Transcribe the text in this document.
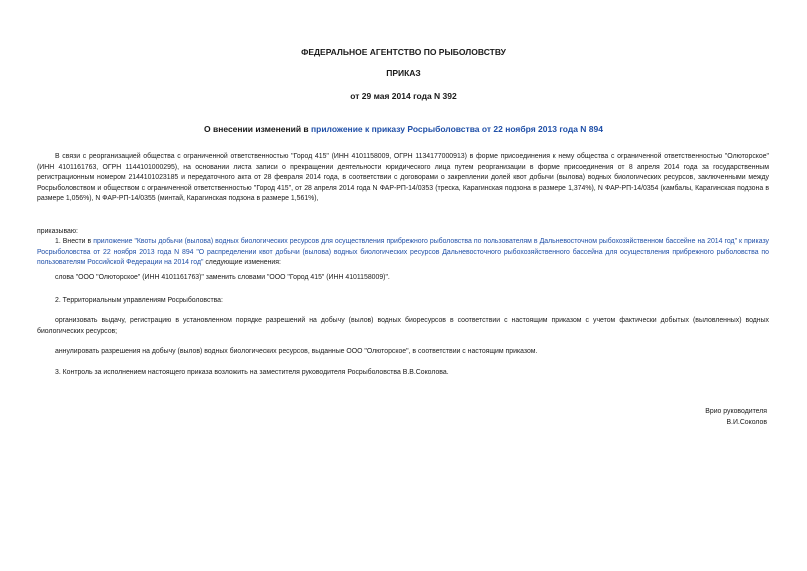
ФЕДЕРАЛЬНОЕ АГЕНТСТВО ПО РЫБОЛОВСТВУ
ПРИКАЗ
от 29 мая 2014 года N 392
О внесении изменений в приложение к приказу Росрыболовства от 22 ноября 2013 года N 894
В связи с реорганизацией общества с ограниченной ответственностью "Город 415" (ИНН 4101158009, ОГРН 1134177000913) в форме присоединения к нему общества с ограниченной ответственностью "Олюторское" (ИНН 4101161763, ОГРН 1144101000295), на основании листа записи о прекращении деятельности юридического лица путем реорганизации в форме присоединения от 8 апреля 2014 года за государственным регистрационным номером 2144101023185 и передаточного акта от 28 февраля 2014 года, в соответствии с договорами о закреплении долей квот добычи (вылова) водных биологических ресурсов, заключенными между Росрыболовством и обществом с ограниченной ответственностью "Город 415", от 28 апреля 2014 года N ФАР-РП-14/0353 (треска, Карагинская подзона в размере 1,374%), N ФАР-РП-14/0354 (камбалы, Карагинская подзона в размере 1,056%), N ФАР-РП-14/0355 (минтай, Карагинская подзона в размере 1,561%),
приказываю:
1. Внести в приложение "Квоты добычи (вылова) водных биологических ресурсов для осуществления прибрежного рыболовства по пользователям в Дальневосточном рыбохозяйственном бассейне на 2014 год" к приказу Росрыболовства от 22 ноября 2013 года N 894 "О распределении квот добычи (вылова) водных биологических ресурсов Дальневосточного рыбохозяйственного бассейна для осуществления прибрежного рыболовства по пользователям Российской Федерации на 2014 год" следующие изменения:
слова "ООО "Олюторское" (ИНН 4101161763)" заменить словами "ООО "Город 415" (ИНН 4101158009)".
2. Территориальным управлениям Росрыболовства:
организовать выдачу, регистрацию в установленном порядке разрешений на добычу (вылов) водных биоресурсов в соответствии с настоящим приказом с учетом фактически добытых (выловленных) водных биологических ресурсов;
аннулировать разрешения на добычу (вылов) водных биологических ресурсов, выданные ООО "Олюторское", в соответствии с настоящим приказом.
3. Контроль за исполнением настоящего приказа возложить на заместителя руководителя Росрыболовства В.В.Соколова.
Врио руководителя
В.И.Соколов
